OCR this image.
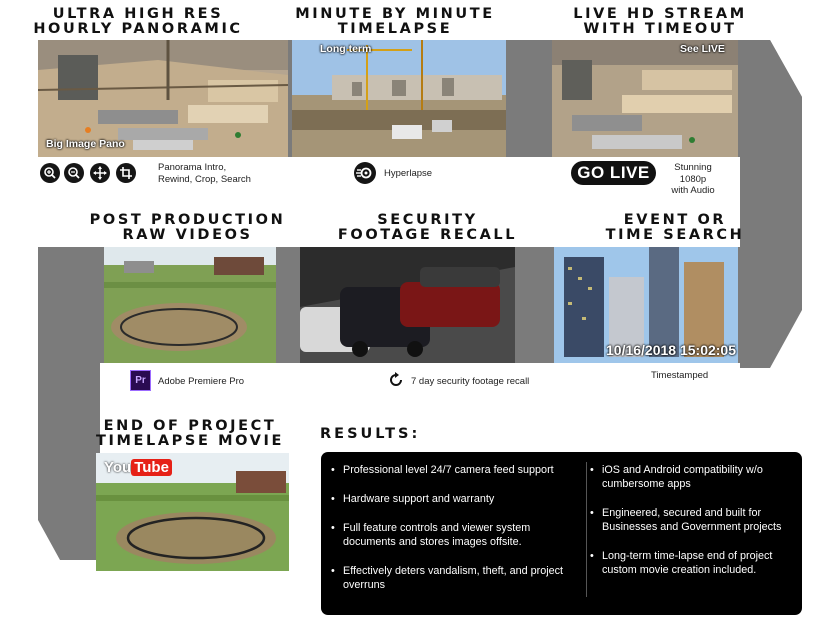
ULTRA HIGH RES
HOURLY PANORAMIC
MINUTE BY MINUTE
TIMELAPSE
LIVE HD STREAM
WITH TIMEOUT
Big Image Pano
Long term	See LIVE
Panorama Intro,
Rewind, Crop, Search	Hyperlapse	GO LIVE	Stunning 1080p
with Audio
POST PRODUCTION
RAW VIDEOS
SECURITY
FOOTAGE RECALL
EVENT OR
TIME SEARCH
10/16/2018 15:02:05
Pr	Adobe Premiere Pro	7 day security footage recall
Timestamped
END OF PROJECT
TIMELAPSE MOVIE
You Tube
RESULTS:
• Professional level 24/7 camera feed support
• Hardware support and warranty
• Full feature controls and viewer system documents and stores images offsite.
• Effectively deters vandalism, theft, and project overruns
• iOS and Android compatibility w/o cumbersome apps
• Engineered, secured and built for Businesses and Government projects
• Long-term time-lapse end of project custom movie creation included.
